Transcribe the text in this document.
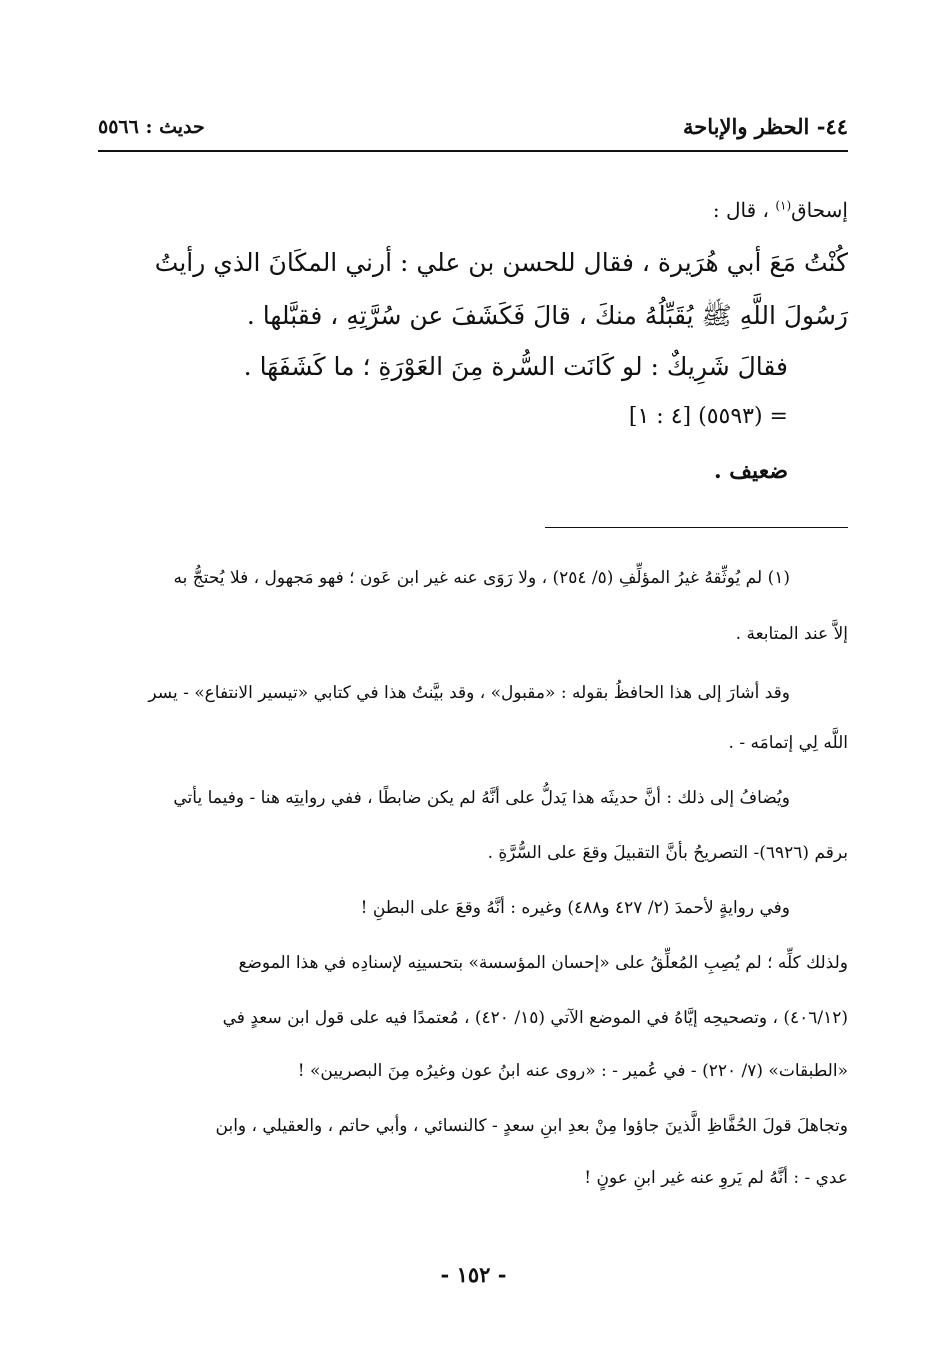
٤٤- الحظر والإباحة
حديث : ٥٥٦٦
إسحاق$^{(١)}$ ، قال :
كُنْتُ مَعَ أبي هُرَيرة ، فقال للحسن بن علي : أرني المكَانَ الذي رأيتُ
رَسُولَ اللَّهِ ﷺ يُقَبِّلُهُ منكَ ، قالَ فَكَشَفَ عن سُرَّتِهِ ، فقبَّلها .
فقالَ شَرِيكٌ : لو كَانَت السُّرة مِنَ العَوْرَةِ ؛ ما كَشَفَهَا .
= (٥٥٩٣) [٤ : ١]
ضعيف .
(١) لم يُوثِّقهُ غيرُ المؤلِّفِ (٥/ ٢٥٤) ، ولا رَوَى عنه غير ابن عَون ؛ فهو مَجهول ، فلا يُحتجُّ به
إلاَّ عند المتابعة .
وقد أشارَ إلى هذا الحافظُ بقوله : «مقبول» ، وقد بيَّنتُ هذا في كتابي «تيسير الانتفاع» - يسر
اللَّه لِي إتمامَه - .
ويُضافُ إلى ذلك : أنَّ حديثَه هذا يَدلُّ على أنَّهُ لم يكن ضابطًا ، ففي روايتِه هنا - وفيما يأتي
برقم (٦٩٢٦)- التصريحُ بأنَّ التقبيلَ وقعَ على السُّرَّةِ .
وفي روايةٍ لأحمدَ (٢/ ٤٢٧ و٤٨٨) وغيره : أنَّهُ وقعَ على البطنِ !
ولذلك كلِّه ؛ لم يُصِبِ المُعلِّقُ على «إحسان المؤسسة» بتحسينِه لإسنادِه في هذا الموضع
(٤٠٦/١٢) ، وتصحيحِه إيَّاهُ في الموضع الآتي (١٥/ ٤٢٠) ، مُعتمدًا فيه على قول ابن سعدٍ في
«الطبقات» (٧/ ٢٢٠) - في عُمير - : «روى عنه ابنُ عون وغيرُه مِنَ البصريين» !
وتجاهلَ قولَ الحُفَّاظِ الَّذينَ جاؤوا مِنْ بعدِ ابنِ سعدٍ - كالنسائي ، وأبي حاتم ، والعقيلي ، وابن
عدي - : أنَّهُ لم يَروِ عنه غير ابنِ عونٍ !
- ١٥٢ -
